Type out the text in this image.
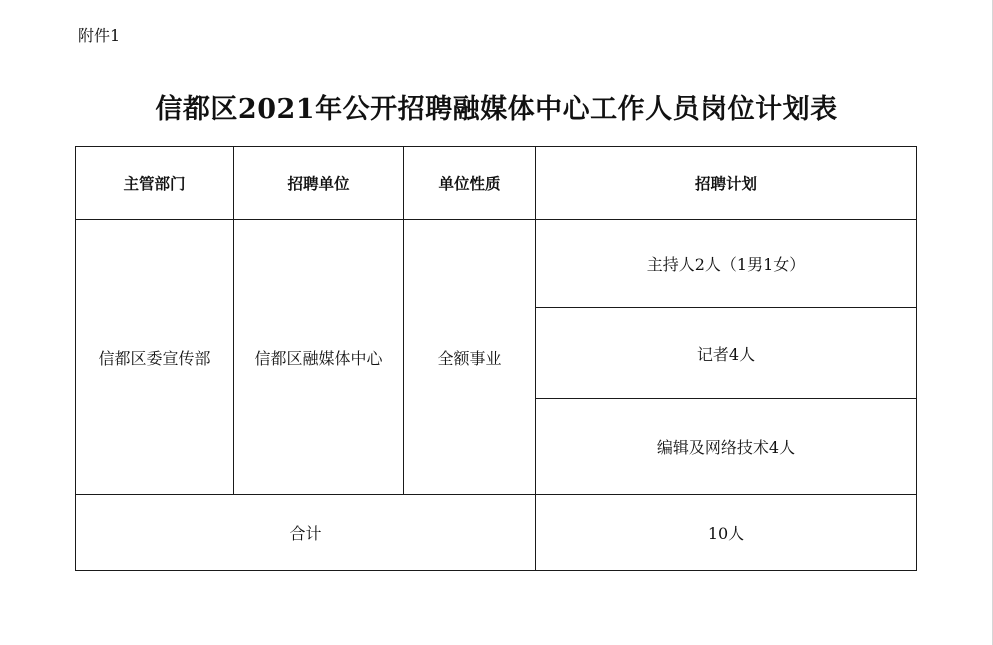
附件1
信都区2021年公开招聘融媒体中心工作人员岗位计划表
主管部门	招聘单位	单位性质	招聘计划
信都区委宣传部	信都区融媒体中心	全额事业	主持人2人（1男1女）
			记者4人
			编辑及网络技术4人
合计			10人
